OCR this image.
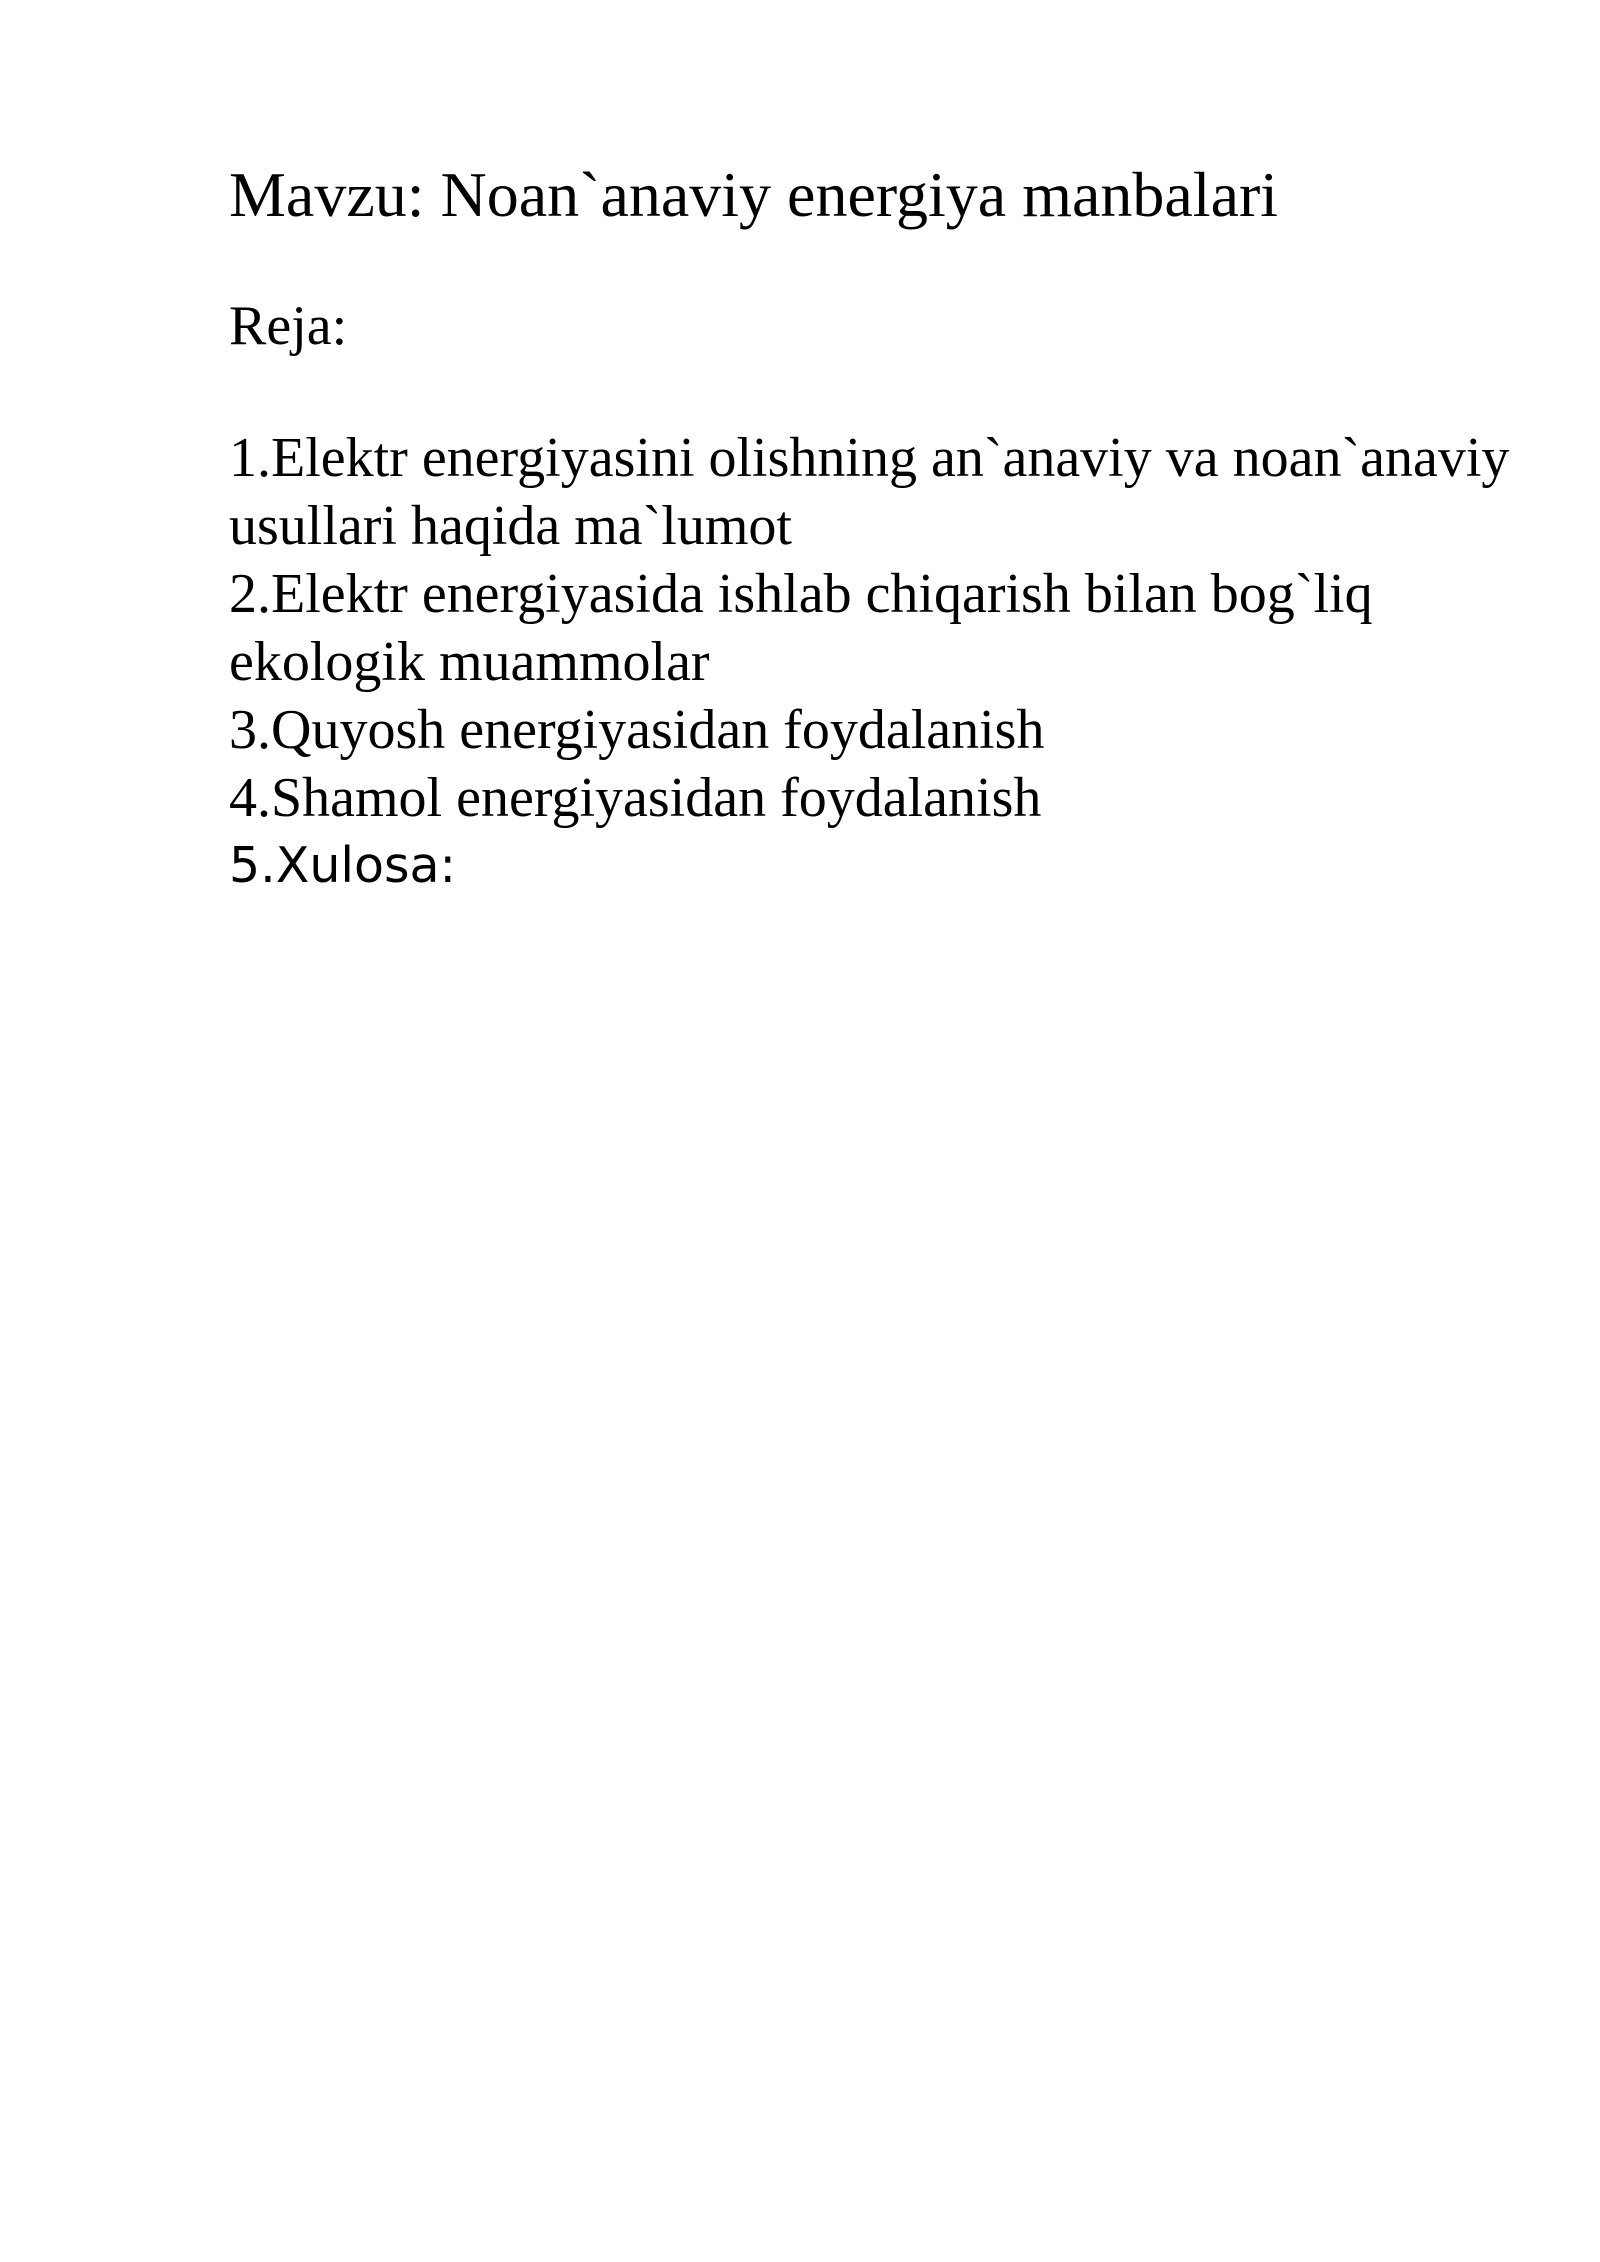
Mavzu: Noan`anaviy energiya manbalari

Reja:

1.Elektr energiyasini olishning an`anaviy va noan`anaviy usullari haqida ma`lumot
2.Elektr energiyasida ishlab chiqarish bilan bog`liq ekologik muammolar
3.Quyosh energiyasidan foydalanish
4.Shamol energiyasidan foydalanish
5.Xulosa:
